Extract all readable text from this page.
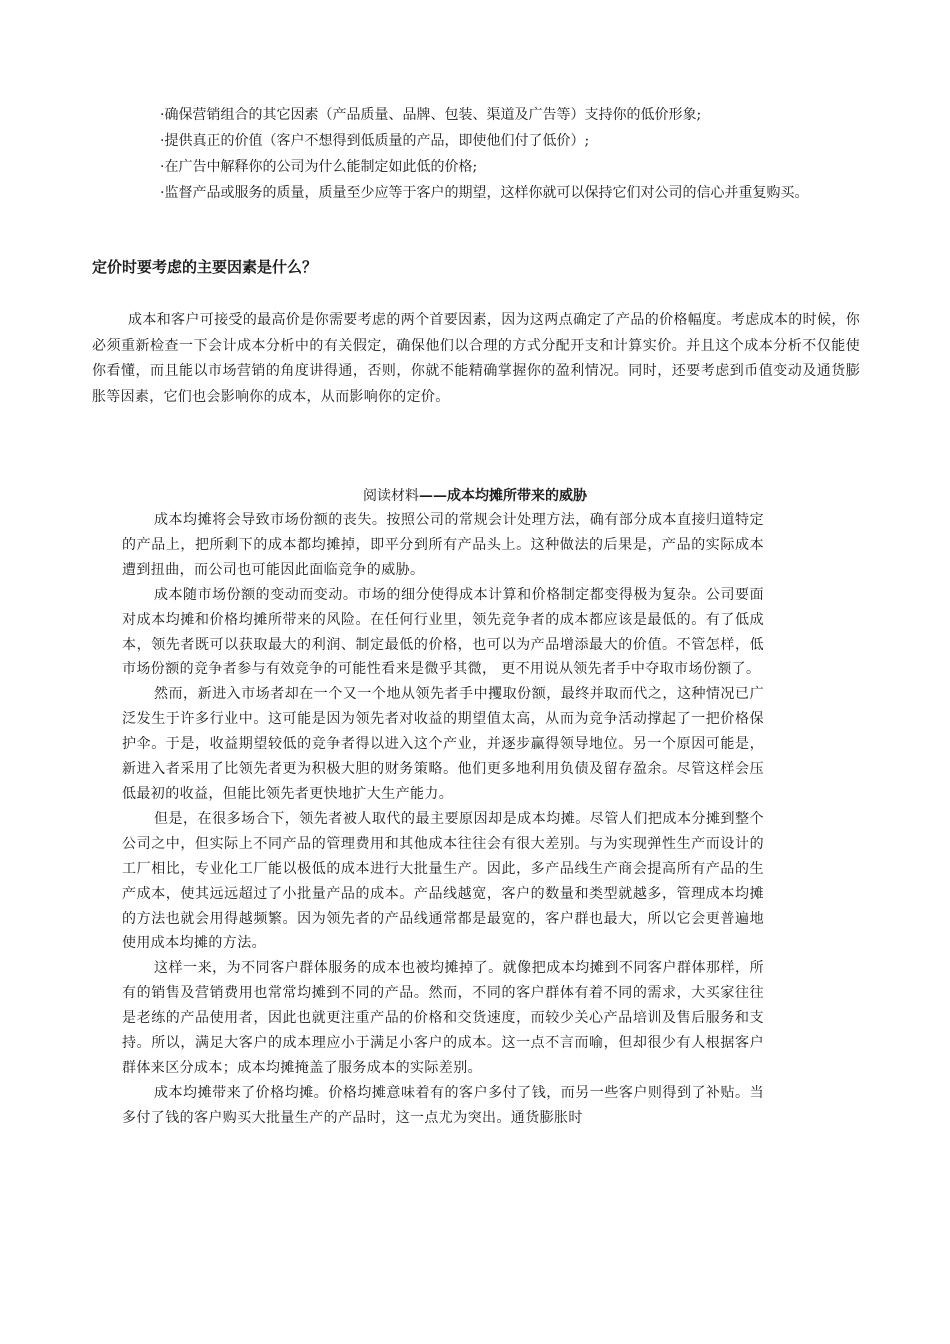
·确保营销组合的其它因素（产品质量、品牌、包装、渠道及广告等）支持你的低价形象;

·提供真正的价值（客户不想得到低质量的产品，即使他们付了低价）;

·在广告中解释你的公司为什么能制定如此低的价格;

·监督产品或服务的质量，质量至少应等于客户的期望，这样你就可以保持它们对公司的信心并重复购买。

定价时要考虑的主要因素是什么？

成本和客户可接受的最高价是你需要考虑的两个首要因素，因为这两点确定了产品的价格幅度。考虑成本的时候，你必须重新检查一下会计成本分析中的有关假定，确保他们以合理的方式分配开支和计算实价。并且这个成本分析不仅能使你看懂，而且能以市场营销的角度讲得通，否则，你就不能精确掌握你的盈利情况。同时，还要考虑到币值变动及通货膨胀等因素，它们也会影响你的成本，从而影响你的定价。

阅读材料——成本均摊所带来的威胁

成本均摊将会导致市场份额的丧失。按照公司的常规会计处理方法，确有部分成本直接归道特定的产品上，把所剩下的成本都均摊掉，即平分到所有产品头上。这种做法的后果是，产品的实际成本遭到扭曲，而公司也可能因此面临竞争的威胁。

成本随市场份额的变动而变动。市场的细分使得成本计算和价格制定都变得极为复杂。公司要面对成本均摊和价格均摊所带来的风险。在任何行业里，领先竞争者的成本都应该是最低的。有了低成本，领先者既可以获取最大的利润、制定最低的价格，也可以为产品增添最大的价值。不管怎样，低市场份额的竞争者参与有效竞争的可能性看来是微乎其微， 更不用说从领先者手中夺取市场份额了。

然而，新进入市场者却在一个又一个地从领先者手中攫取份额，最终并取而代之，这种情况已广泛发生于许多行业中。这可能是因为领先者对收益的期望值太高，从而为竞争活动撑起了一把价格保护伞。于是，收益期望较低的竞争者得以进入这个产业，并逐步赢得领导地位。另一个原因可能是，新进入者采用了比领先者更为积极大胆的财务策略。他们更多地利用负债及留存盈余。尽管这样会压低最初的收益，但能比领先者更快地扩大生产能力。

但是，在很多场合下，领先者被人取代的最主要原因却是成本均摊。尽管人们把成本分摊到整个公司之中，但实际上不同产品的管理费用和其他成本往往会有很大差别。与为实现弹性生产而设计的工厂相比，专业化工厂能以极低的成本进行大批量生产。因此，多产品线生产商会提高所有产品的生产成本，使其远远超过了小批量产品的成本。产品线越宽，客户的数量和类型就越多，管理成本均摊的方法也就会用得越频繁。因为领先者的产品线通常都是最宽的，客户群也最大，所以它会更普遍地使用成本均摊的方法。

这样一来，为不同客户群体服务的成本也被均摊掉了。就像把成本均摊到不同客户群体那样，所有的销售及营销费用也常常均摊到不同的产品。然而，不同的客户群体有着不同的需求，大买家往往是老练的产品使用者，因此也就更注重产品的价格和交货速度，而较少关心产品培训及售后服务和支持。所以，满足大客户的成本理应小于满足小客户的成本。这一点不言而喻，但却很少有人根据客户群体来区分成本；成本均摊掩盖了服务成本的实际差别。

成本均摊带来了价格均摊。价格均摊意味着有的客户多付了钱，而另一些客户则得到了补贴。当多付了钱的客户购买大批量生产的产品时，这一点尤为突出。通货膨胀时
